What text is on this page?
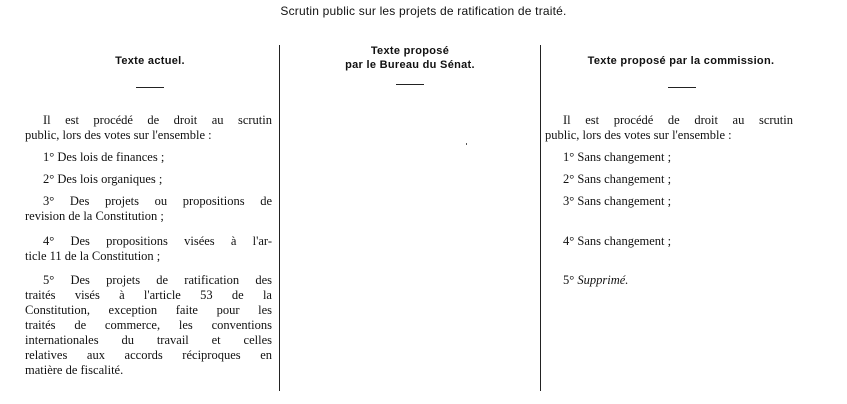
Scrutin public sur les projets de ratification de traité.
Texte actuel.
Texte proposé
par le Bureau du Sénat.	Texte proposé par la commission.
Il est procédé de droit au scrutin
public, lors des votes sur l'ensemble :
1° Des lois de finances ;
2° Des lois organiques ;
3° Des projets ou propositions de
revision de la Constitution ;
4° Des propositions visées à l'ar-
ticle 11 de la Constitution ;
5° Des projets de ratification des
traités visés à l'article 53 de la
Constitution, exception faite pour les
traités de commerce, les conventions
internationales du travail et celles
relatives aux accords réciproques en
matière de fiscalité.
Il est procédé de droit au scrutin
public, lors des votes sur l'ensemble :
1° Sans changement ;
2° Sans changement ;
3° Sans changement ;
4° Sans changement ;
5° Supprimé.
